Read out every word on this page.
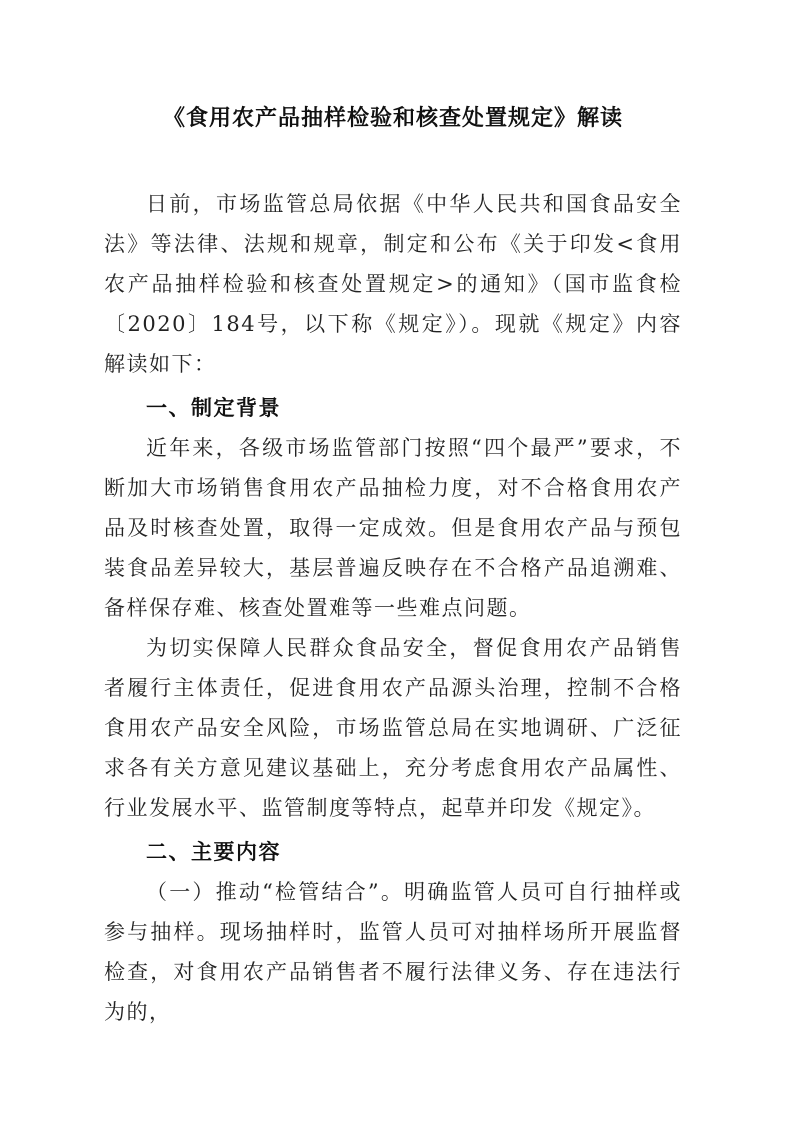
《食用农产品抽样检验和核查处置规定》解读

日前，市场监管总局依据《中华人民共和国食品安全法》等法律、法规和规章，制定和公布《关于印发<食用农产品抽样检验和核查处置规定>的通知》（国市监食检〔2020〕184号，以下称《规定》）。现就《规定》内容解读如下：

一、制定背景

近年来，各级市场监管部门按照“四个最严”要求，不断加大市场销售食用农产品抽检力度，对不合格食用农产品及时核查处置，取得一定成效。但是食用农产品与预包装食品差异较大，基层普遍反映存在不合格产品追溯难、备样保存难、核查处置难等一些难点问题。

为切实保障人民群众食品安全，督促食用农产品销售者履行主体责任，促进食用农产品源头治理，控制不合格食用农产品安全风险，市场监管总局在实地调研、广泛征求各有关方意见建议基础上，充分考虑食用农产品属性、行业发展水平、监管制度等特点，起草并印发《规定》。

二、主要内容

（一）推动“检管结合”。明确监管人员可自行抽样或参与抽样。现场抽样时，监管人员可对抽样场所开展监督检查，对食用农产品销售者不履行法律义务、存在违法行为的，
